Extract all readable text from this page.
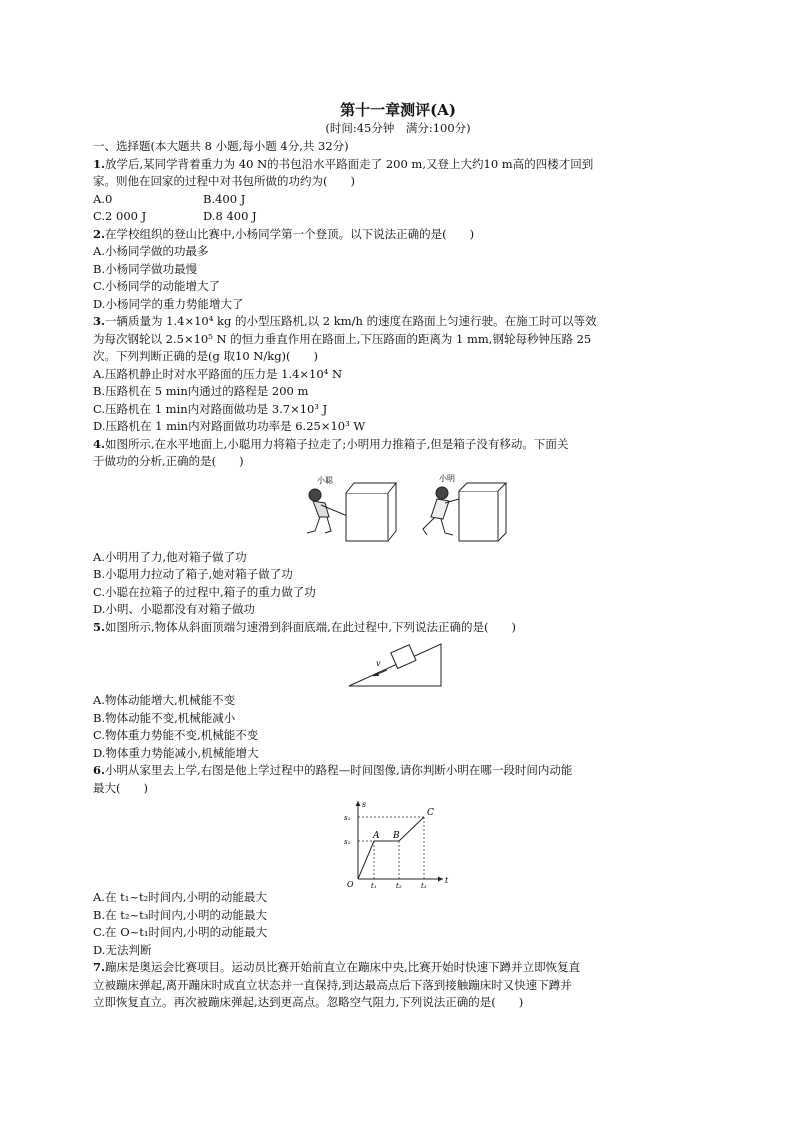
第十一章测评(A)
(时间:45分钟　满分:100分)

一、选择题(本大题共 8 小题,每小题 4分,共 32分)

1.放学后,某同学背着重力为 40 N的书包沿水平路面走了 200 m,又登上大约10 m高的四楼才回到

家。则他在回家的过程中对书包所做的功约为(　　)

A.0	B.400 J
C.2 000 J	D.8 400 J

2.在学校组织的登山比赛中,小杨同学第一个登顶。以下说法正确的是(　　)

A.小杨同学做的功最多

B.小杨同学做功最慢

C.小杨同学的动能增大了

D.小杨同学的重力势能增大了

3.一辆质量为 1.4×10⁴ kg 的小型压路机,以 2 km/h 的速度在路面上匀速行驶。在施工时可以等效

为每次钢轮以 2.5×10⁵ N 的恒力垂直作用在路面上,下压路面的距离为 1 mm,钢轮每秒钟压路 25

次。下列判断正确的是(g 取10 N/kg)(　　)

A.压路机静止时对水平路面的压力是 1.4×10⁴ N

B.压路机在 5 min内通过的路程是 200 m

C.压路机在 1 min内对路面做功是 3.7×10³ J

D.压路机在 1 min内对路面做功功率是 6.25×10³ W

4.如图所示,在水平地面上,小聪用力将箱子拉走了;小明用力推箱子,但是箱子没有移动。下面关

于做功的分析,正确的是(　　)

小聪	小明

A.小明用了力,他对箱子做了功

B.小聪用力拉动了箱子,她对箱子做了功

C.小聪在拉箱子的过程中,箱子的重力做了功

D.小明、小聪都没有对箱子做功

5.如图所示,物体从斜面顶端匀速滑到斜面底端,在此过程中,下列说法正确的是(　　)

v

A.物体动能增大,机械能不变

B.物体动能不变,机械能减小

C.物体重力势能不变,机械能不变

D.物体重力势能减小,机械能增大

6.小明从家里去上学,右图是他上学过程中的路程—时间图像,请你判断小明在哪一段时间内动能

最大(　　)

s
t
O
s₂
s₁
t₁	t₂	t₃
A B
C

A.在 t₁~t₂时间内,小明的动能最大

B.在 t₂~t₃时间内,小明的动能最大

C.在 O~t₁时间内,小明的动能最大

D.无法判断

7.蹦床是奥运会比赛项目。运动员比赛开始前直立在蹦床中央,比赛开始时快速下蹲并立即恢复直

立被蹦床弹起,离开蹦床时成直立状态并一直保持,到达最高点后下落到接触蹦床时又快速下蹲并

立即恢复直立。再次被蹦床弹起,达到更高点。忽略空气阻力,下列说法正确的是(　　)
